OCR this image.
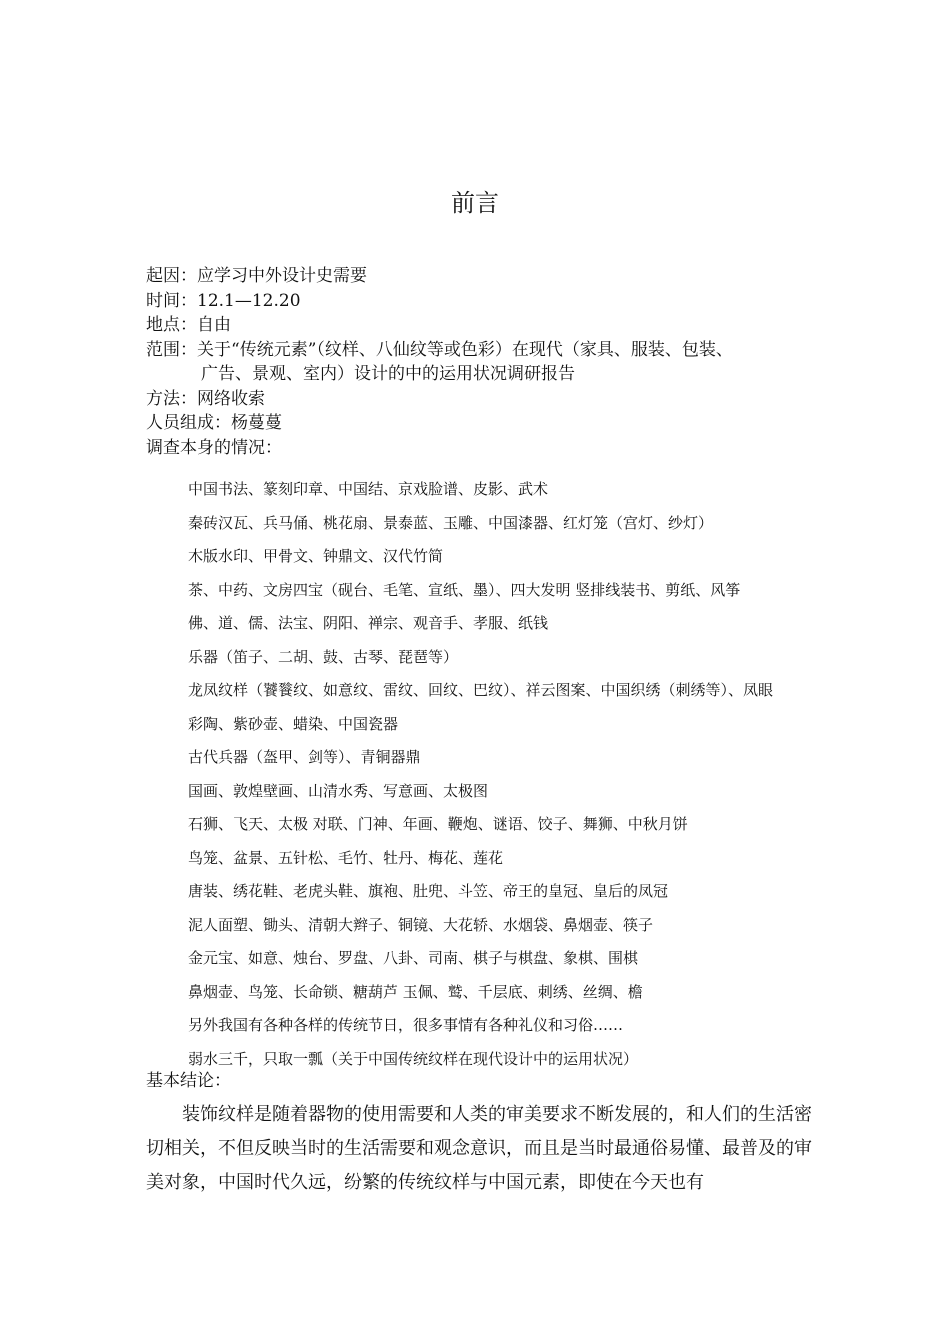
前言
起因：应学习中外设计史需要
时间：12.1—12.20
地点：自由
范围：关于“传统元素”（纹样、八仙纹等或色彩）在现代（家具、服装、包装、
广告、景观、室内）设计的中的运用状况调研报告
方法：网络收索
人员组成：杨蔓蔓
调查本身的情况：
中国书法、篆刻印章、中国结、京戏脸谱、皮影、武术
秦砖汉瓦、兵马俑、桃花扇、景泰蓝、玉雕、中国漆器、红灯笼（宫灯、纱灯）
木版水印、甲骨文、钟鼎文、汉代竹简
茶、中药、文房四宝（砚台、毛笔、宣纸、墨）、四大发明 竖排线装书、剪纸、风筝
佛、道、儒、法宝、阴阳、禅宗、观音手、孝服、纸钱
乐器（笛子、二胡、鼓、古琴、琵琶等）
龙凤纹样（饕餮纹、如意纹、雷纹、回纹、巴纹）、祥云图案、中国织绣（刺绣等）、凤眼
彩陶、紫砂壶、蜡染、中国瓷器
古代兵器（盔甲、剑等）、青铜器鼎
国画、敦煌壁画、山清水秀、写意画、太极图
石狮、飞天、太极 对联、门神、年画、鞭炮、谜语、饺子、舞狮、中秋月饼
鸟笼、盆景、五针松、毛竹、牡丹、梅花、莲花
唐装、绣花鞋、老虎头鞋、旗袍、肚兜、斗笠、帝王的皇冠、皇后的凤冠
泥人面塑、锄头、清朝大辫子、铜镜、大花轿、水烟袋、鼻烟壶、筷子
金元宝、如意、烛台、罗盘、八卦、司南、棋子与棋盘、象棋、围棋
鼻烟壶、鸟笼、长命锁、糖葫芦 玉佩、鹫、千层底、刺绣、丝绸、檐
另外我国有各种各样的传统节日，很多事情有各种礼仪和习俗……
弱水三千，只取一瓢（关于中国传统纹样在现代设计中的运用状况）
基本结论：
装饰纹样是随着器物的使用需要和人类的审美要求不断发展的，和人们的生活密切相关，不但反映当时的生活需要和观念意识，而且是当时最通俗易懂、最普及的审美对象，中国时代久远，纷繁的传统纹样与中国元素，即使在今天也有
